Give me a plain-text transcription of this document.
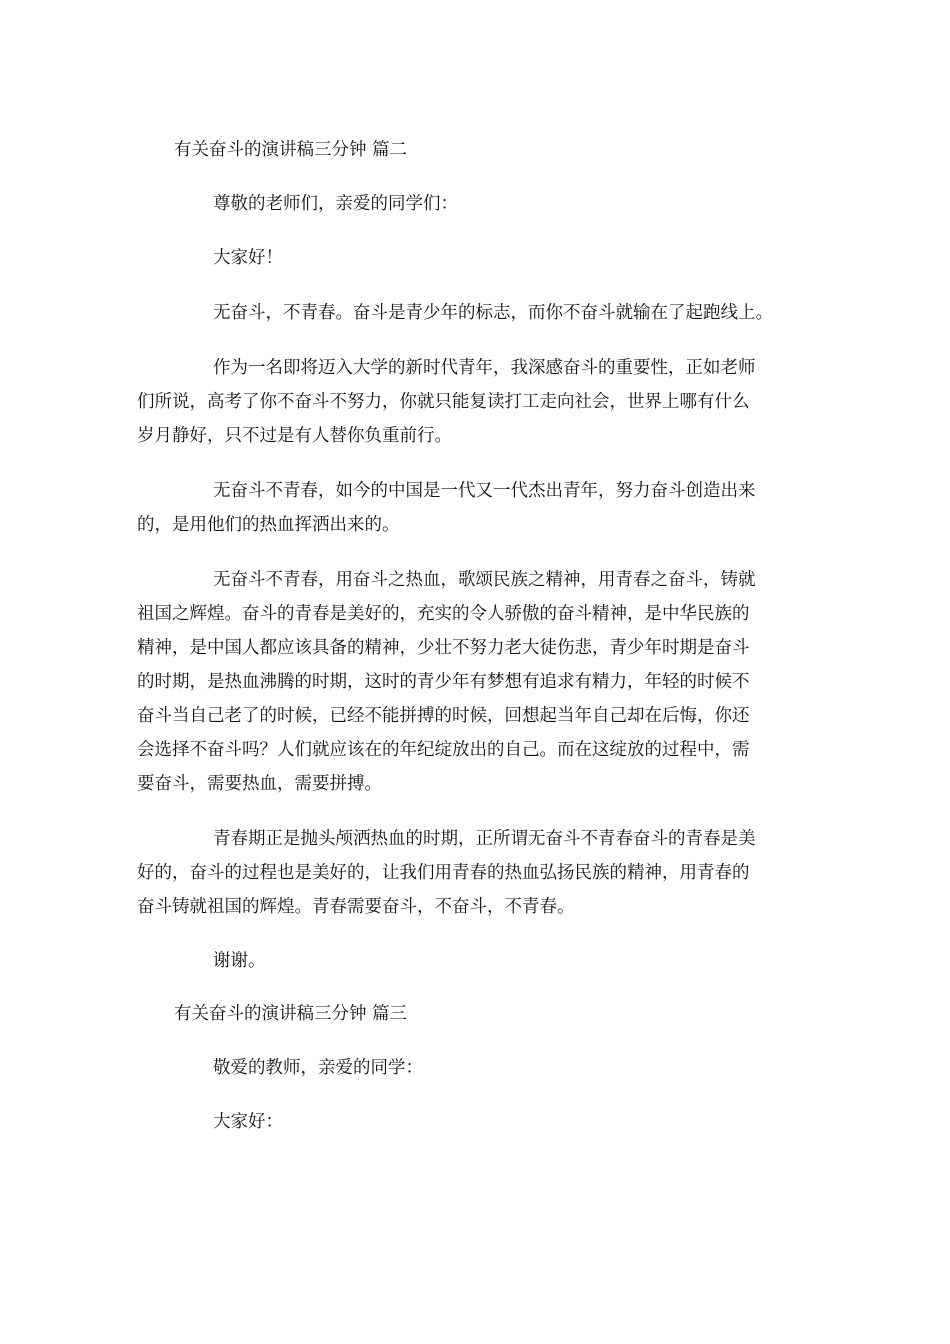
有关奋斗的演讲稿三分钟 篇二

尊敬的老师们，亲爱的同学们：

大家好！

无奋斗，不青春。奋斗是青少年的标志，而你不奋斗就输在了起跑线上。

作为一名即将迈入大学的新时代青年，我深感奋斗的重要性，正如老师

们所说，高考了你不奋斗不努力，你就只能复读打工走向社会，世界上哪有什么

岁月静好，只不过是有人替你负重前行。

无奋斗不青春，如今的中国是一代又一代杰出青年，努力奋斗创造出来

的，是用他们的热血挥洒出来的。

无奋斗不青春，用奋斗之热血，歌颂民族之精神，用青春之奋斗，铸就

祖国之辉煌。奋斗的青春是美好的，充实的令人骄傲的奋斗精神，是中华民族的

精神，是中国人都应该具备的精神，少壮不努力老大徒伤悲，青少年时期是奋斗

的时期，是热血沸腾的时期，这时的青少年有梦想有追求有精力，年轻的时候不

奋斗当自己老了的时候，已经不能拼搏的时候，回想起当年自己却在后悔，你还

会选择不奋斗吗？人们就应该在的年纪绽放出的自己。而在这绽放的过程中，需

要奋斗，需要热血，需要拼搏。

青春期正是抛头颅洒热血的时期，正所谓无奋斗不青春奋斗的青春是美

好的，奋斗的过程也是美好的，让我们用青春的热血弘扬民族的精神，用青春的

奋斗铸就祖国的辉煌。青春需要奋斗，不奋斗，不青春。

谢谢。

有关奋斗的演讲稿三分钟 篇三

敬爱的教师，亲爱的同学：

大家好：
